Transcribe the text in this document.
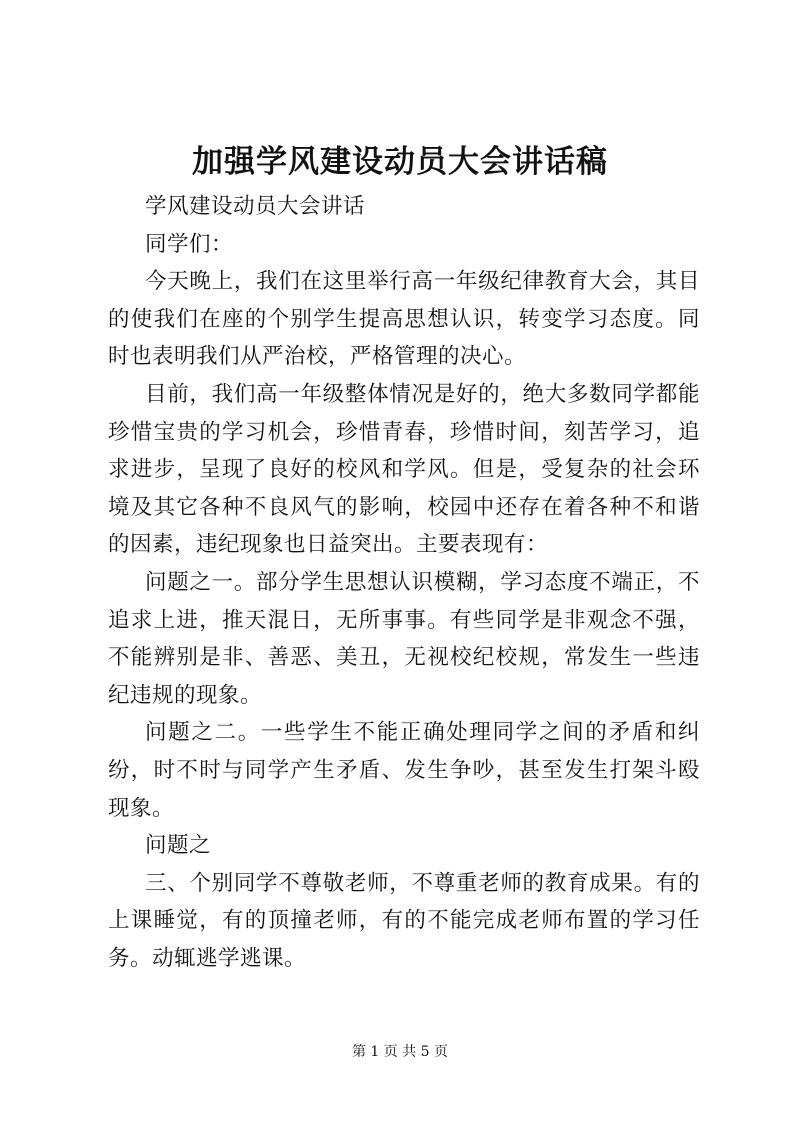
加强学风建设动员大会讲话稿

学风建设动员大会讲话

同学们：

今天晚上，我们在这里举行高一年级纪律教育大会，其目的使我们在座的个别学生提高思想认识，转变学习态度。同时也表明我们从严治校，严格管理的决心。

目前，我们高一年级整体情况是好的，绝大多数同学都能珍惜宝贵的学习机会，珍惜青春，珍惜时间，刻苦学习，追求进步，呈现了良好的校风和学风。但是，受复杂的社会环境及其它各种不良风气的影响，校园中还存在着各种不和谐的因素，违纪现象也日益突出。主要表现有：

问题之一。部分学生思想认识模糊，学习态度不端正，不追求上进，推天混日，无所事事。有些同学是非观念不强，不能辨别是非、善恶、美丑，无视校纪校规，常发生一些违纪违规的现象。

问题之二。一些学生不能正确处理同学之间的矛盾和纠纷，时不时与同学产生矛盾、发生争吵，甚至发生打架斗殴现象。

问题之

三、个别同学不尊敬老师，不尊重老师的教育成果。有的上课睡觉，有的顶撞老师，有的不能完成老师布置的学习任务。动辄逃学逃课。

第 1 页 共 5 页
